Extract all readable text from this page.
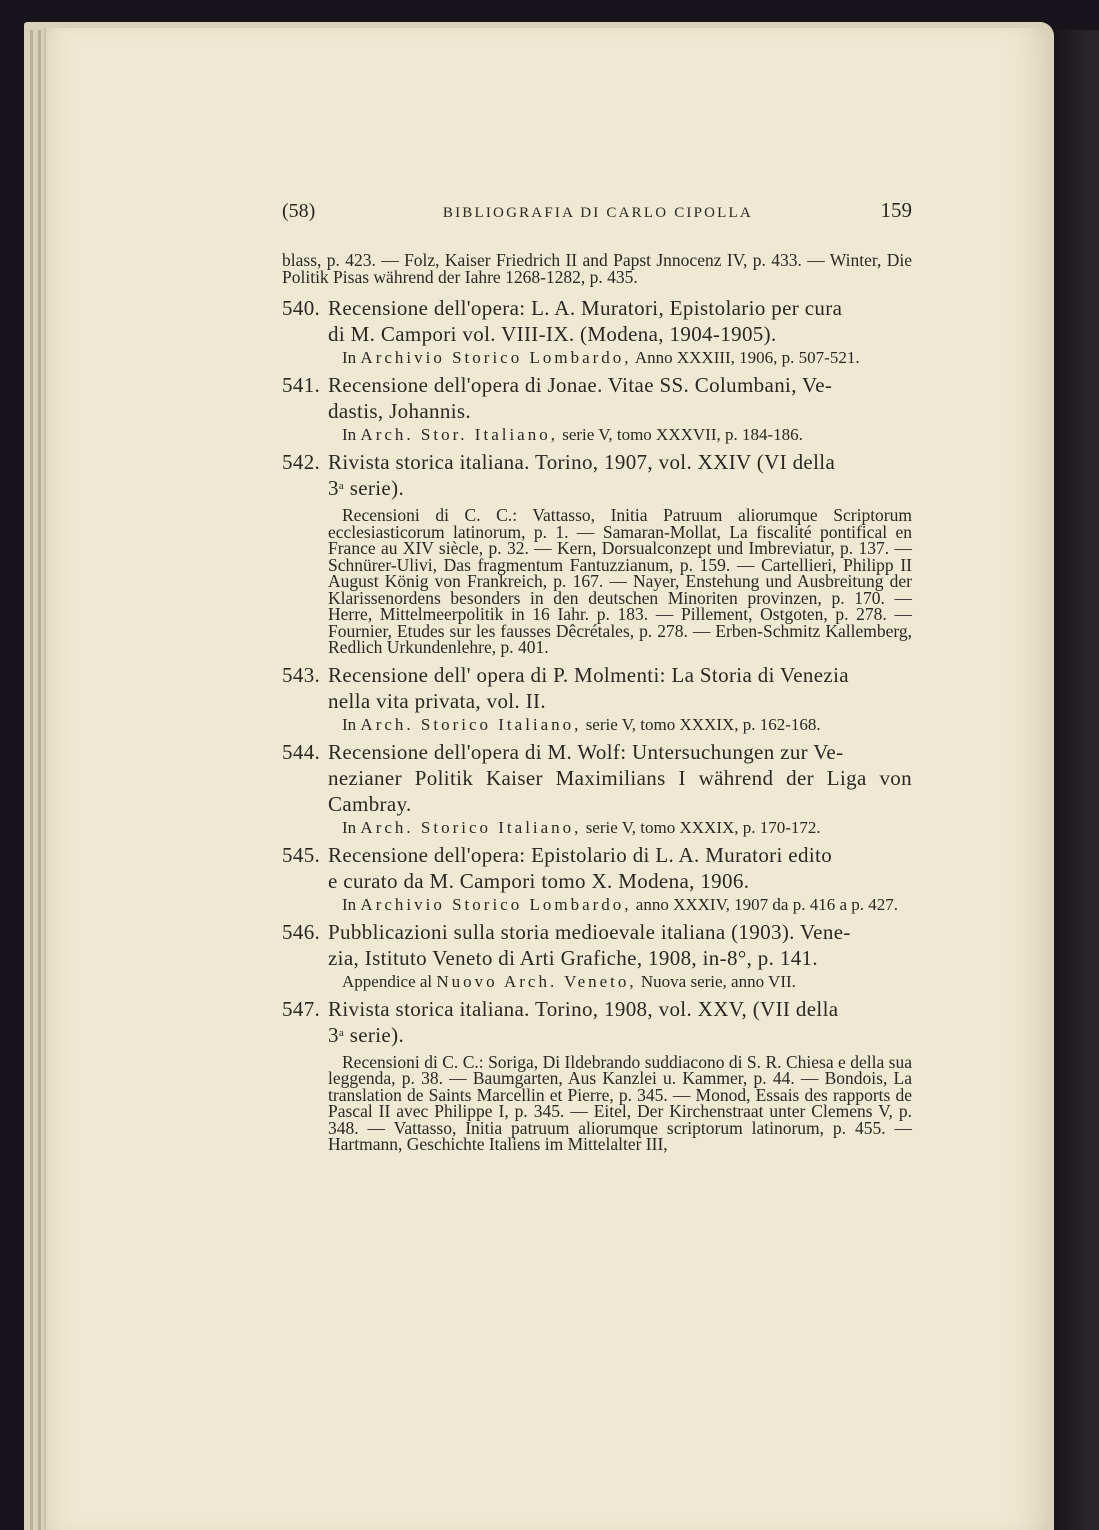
(58)	BIBLIOGRAFIA DI CARLO CIPOLLA	159

blass, p. 423. — Folz, Kaiser Friedrich II and Papst Jnnocenz IV, p. 433. — Winter, Die Politik Pisas während der Iahre 1268-1282, p. 435.

540. Recensione dell'opera: L. A. Muratori, Epistolario per cura
di M. Campori vol. VIII-IX. (Modena, 1904-1905).

In Archivio Storico Lombardo, Anno XXXIII, 1906, p. 507-521.

541. Recensione dell'opera di Jonae. Vitae SS. Columbani, Ve-
dastis, Johannis.

In Arch. Stor. Italiano, serie V, tomo XXXVII, p. 184-186.

542. Rivista storica italiana. Torino, 1907, vol. XXIV (VI della
3$^a$ serie).

Recensioni di C. C.: Vattasso, Initia Patruum aliorumque Scriptorum ecclesiasticorum latinorum, p. 1. — Samaran-Mollat, La fiscalité pontifical en France au XIV siècle, p. 32. — Kern, Dorsualconzept und Imbreviatur, p. 137. — Schnürer-Ulivi, Das fragmentum Fantuzzianum, p. 159. — Cartellieri, Philipp II August König von Frankreich, p. 167. — Nayer, Enstehung und Ausbreitung der Klarissenordens besonders in den deutschen Minoriten provinzen, p. 170. — Herre, Mittelmeerpolitik in 16 Iahr. p. 183. — Pillement, Ostgoten, p. 278. — Fournier, Etudes sur les fausses Dêcrétales, p. 278. — Erben-Schmitz Kallemberg, Redlich Urkundenlehre, p. 401.

543. Recensione dell' opera di P. Molmenti: La Storia di Venezia
nella vita privata, vol. II.

In Arch. Storico Italiano, serie V, tomo XXXIX, p. 162-168.

544. Recensione dell'opera di M. Wolf: Untersuchungen zur Ve-
nezianer Politik Kaiser Maximilians I während der Liga von Cambray.

In Arch. Storico Italiano, serie V, tomo XXXIX, p. 170-172.

545. Recensione dell'opera: Epistolario di L. A. Muratori edito
e curato da M. Campori tomo X. Modena, 1906.

In Archivio Storico Lombardo, anno XXXIV, 1907 da p. 416 a p. 427.

546. Pubblicazioni sulla storia medioevale italiana (1903). Vene-
zia, Istituto Veneto di Arti Grafiche, 1908, in-8°, p. 141.

Appendice al Nuovo Arch. Veneto, Nuova serie, anno VII.

547. Rivista storica italiana. Torino, 1908, vol. XXV, (VII della
3$^a$ serie).

Recensioni di C. C.: Soriga, Di Ildebrando suddiacono di S. R. Chiesa e della sua leggenda, p. 38. — Baumgarten, Aus Kanzlei u. Kammer, p. 44. — Bondois, La translation de Saints Marcellin et Pierre, p. 345. — Monod, Essais des rapports de Pascal II avec Philippe I, p. 345. — Eitel, Der Kirchenstraat unter Clemens V, p. 348. — Vattasso, Initia patruum aliorumque scriptorum latinorum, p. 455. — Hartmann, Geschichte Italiens im Mittelalter III,
